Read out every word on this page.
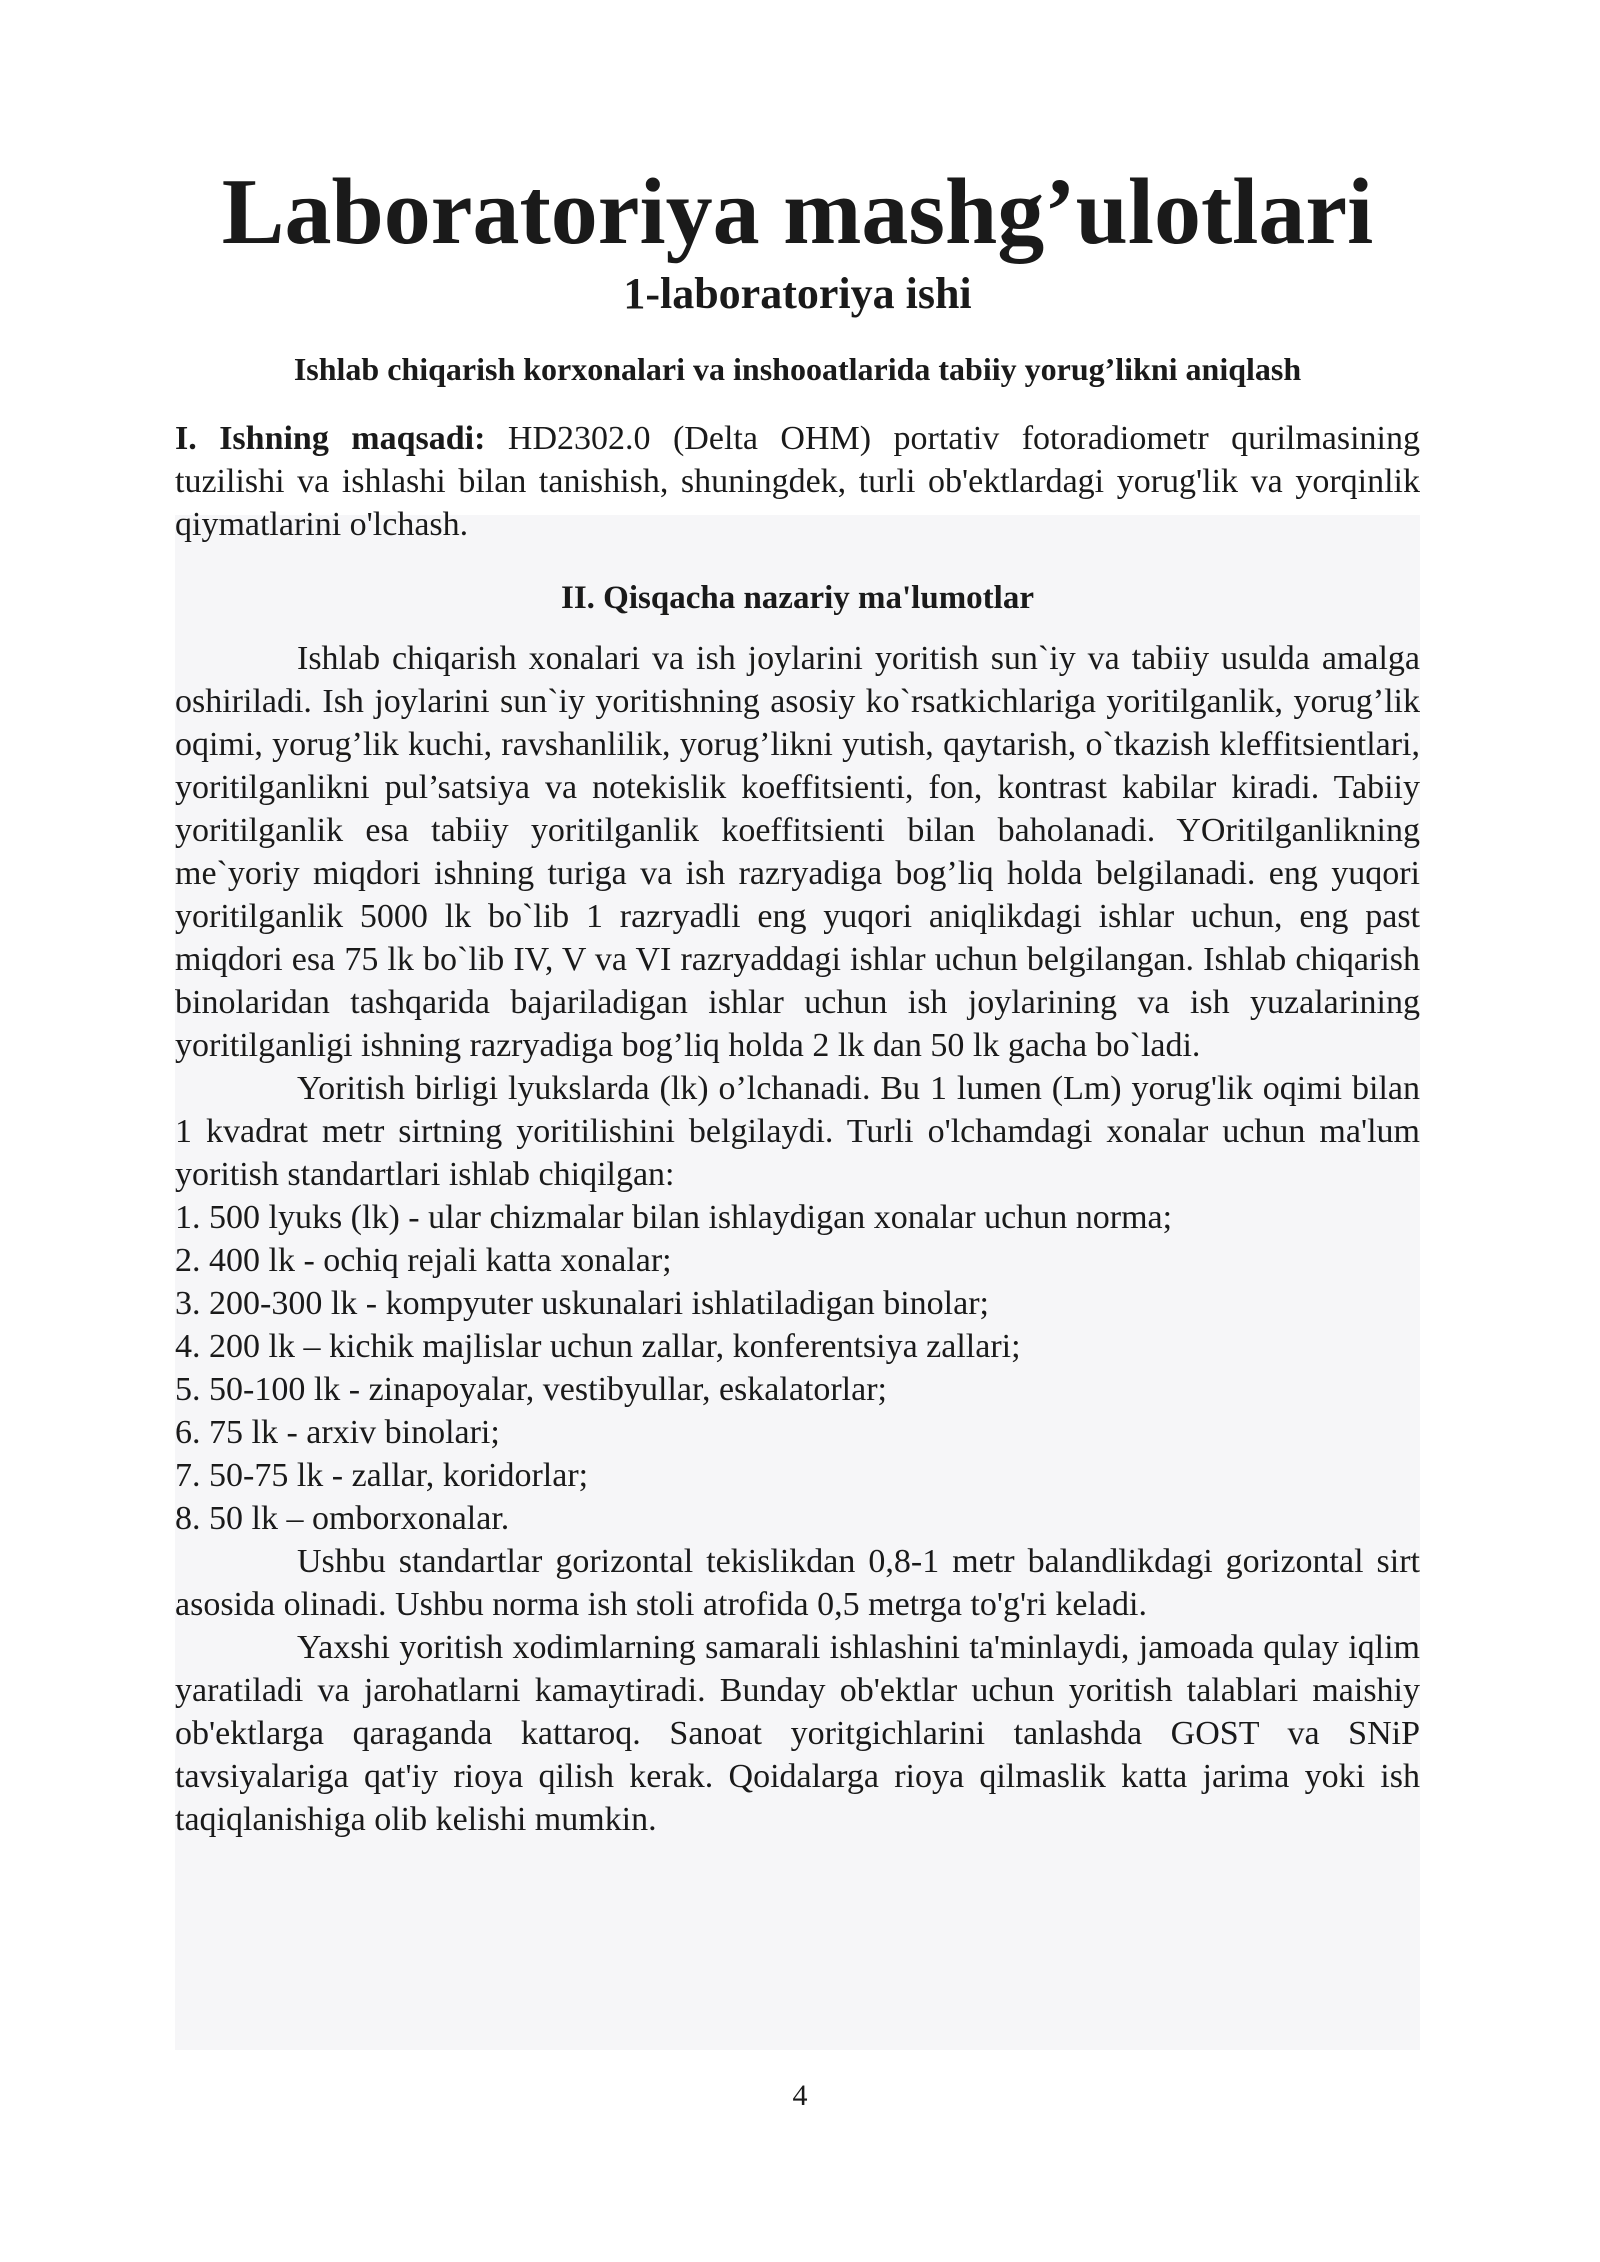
Laboratoriya mashg’ulotlari
1-laboratoriya ishi
Ishlab chiqarish korxonalari va inshooatlarida tabiiy yorug’likni aniqlash

I. Ishning maqsadi: HD2302.0 (Delta OHM) portativ fotoradiometr qurilmasining tuzilishi va ishlashi bilan tanishish, shuningdek, turli ob'ektlardagi yorug'lik va yorqinlik qiymatlarini o'lchash.

II. Qisqacha nazariy ma'lumotlar

Ishlab chiqarish xonalari va ish joylarini yoritish sun`iy va tabiiy usulda amalga oshiriladi. Ish joylarini sun`iy yoritishning asosiy ko`rsatkichlariga yoritilganlik, yorug’lik oqimi, yorug’lik kuchi, ravshanlilik, yorug’likni yutish, qaytarish, o`tkazish kleffitsientlari, yoritilganlikni pul’satsiya va notekislik koeffitsienti, fon, kontrast kabilar kiradi. Tabiiy yoritilganlik esa tabiiy yoritilganlik koeffitsienti bilan baholanadi. YOritilganlikning me`yoriy miqdori ishning turiga va ish razryadiga bog’liq holda belgilanadi. eng yuqori yoritilganlik 5000 lk bo`lib 1 razryadli eng yuqori aniqlikdagi ishlar uchun, eng past miqdori esa 75 lk bo`lib IV, V va VI razryaddagi ishlar uchun belgilangan. Ishlab chiqarish binolaridan tashqarida bajariladigan ishlar uchun ish joylarining va ish yuzalarining yoritilganligi ishning razryadiga bog’liq holda 2 lk dan 50 lk gacha bo`ladi.

Yoritish birligi lyukslarda (lk) o’lchanadi. Bu 1 lumen (Lm) yorug'lik oqimi bilan 1 kvadrat metr sirtning yoritilishini belgilaydi. Turli o'lchamdagi xonalar uchun ma'lum yoritish standartlari ishlab chiqilgan:

1. 500 lyuks (lk) - ular chizmalar bilan ishlaydigan xonalar uchun norma;
2. 400 lk - ochiq rejali katta xonalar;
3. 200-300 lk - kompyuter uskunalari ishlatiladigan binolar;
4. 200 lk – kichik majlislar uchun zallar, konferentsiya zallari;
5. 50-100 lk - zinapoyalar, vestibyullar, eskalatorlar;
6. 75 lk - arxiv binolari;
7. 50-75 lk - zallar, koridorlar;
8. 50 lk – omborxonalar.

Ushbu standartlar gorizontal tekislikdan 0,8-1 metr balandlikdagi gorizontal sirt asosida olinadi. Ushbu norma ish stoli atrofida 0,5 metrga to'g'ri keladi.

Yaxshi yoritish xodimlarning samarali ishlashini ta'minlaydi, jamoada qulay iqlim yaratiladi va jarohatlarni kamaytiradi. Bunday ob'ektlar uchun yoritish talablari maishiy ob'ektlarga qaraganda kattaroq. Sanoat yoritgichlarini tanlashda GOST va SNiP tavsiyalariga qat'iy rioya qilish kerak. Qoidalarga rioya qilmaslik katta jarima yoki ish taqiqlanishiga olib kelishi mumkin.

4
